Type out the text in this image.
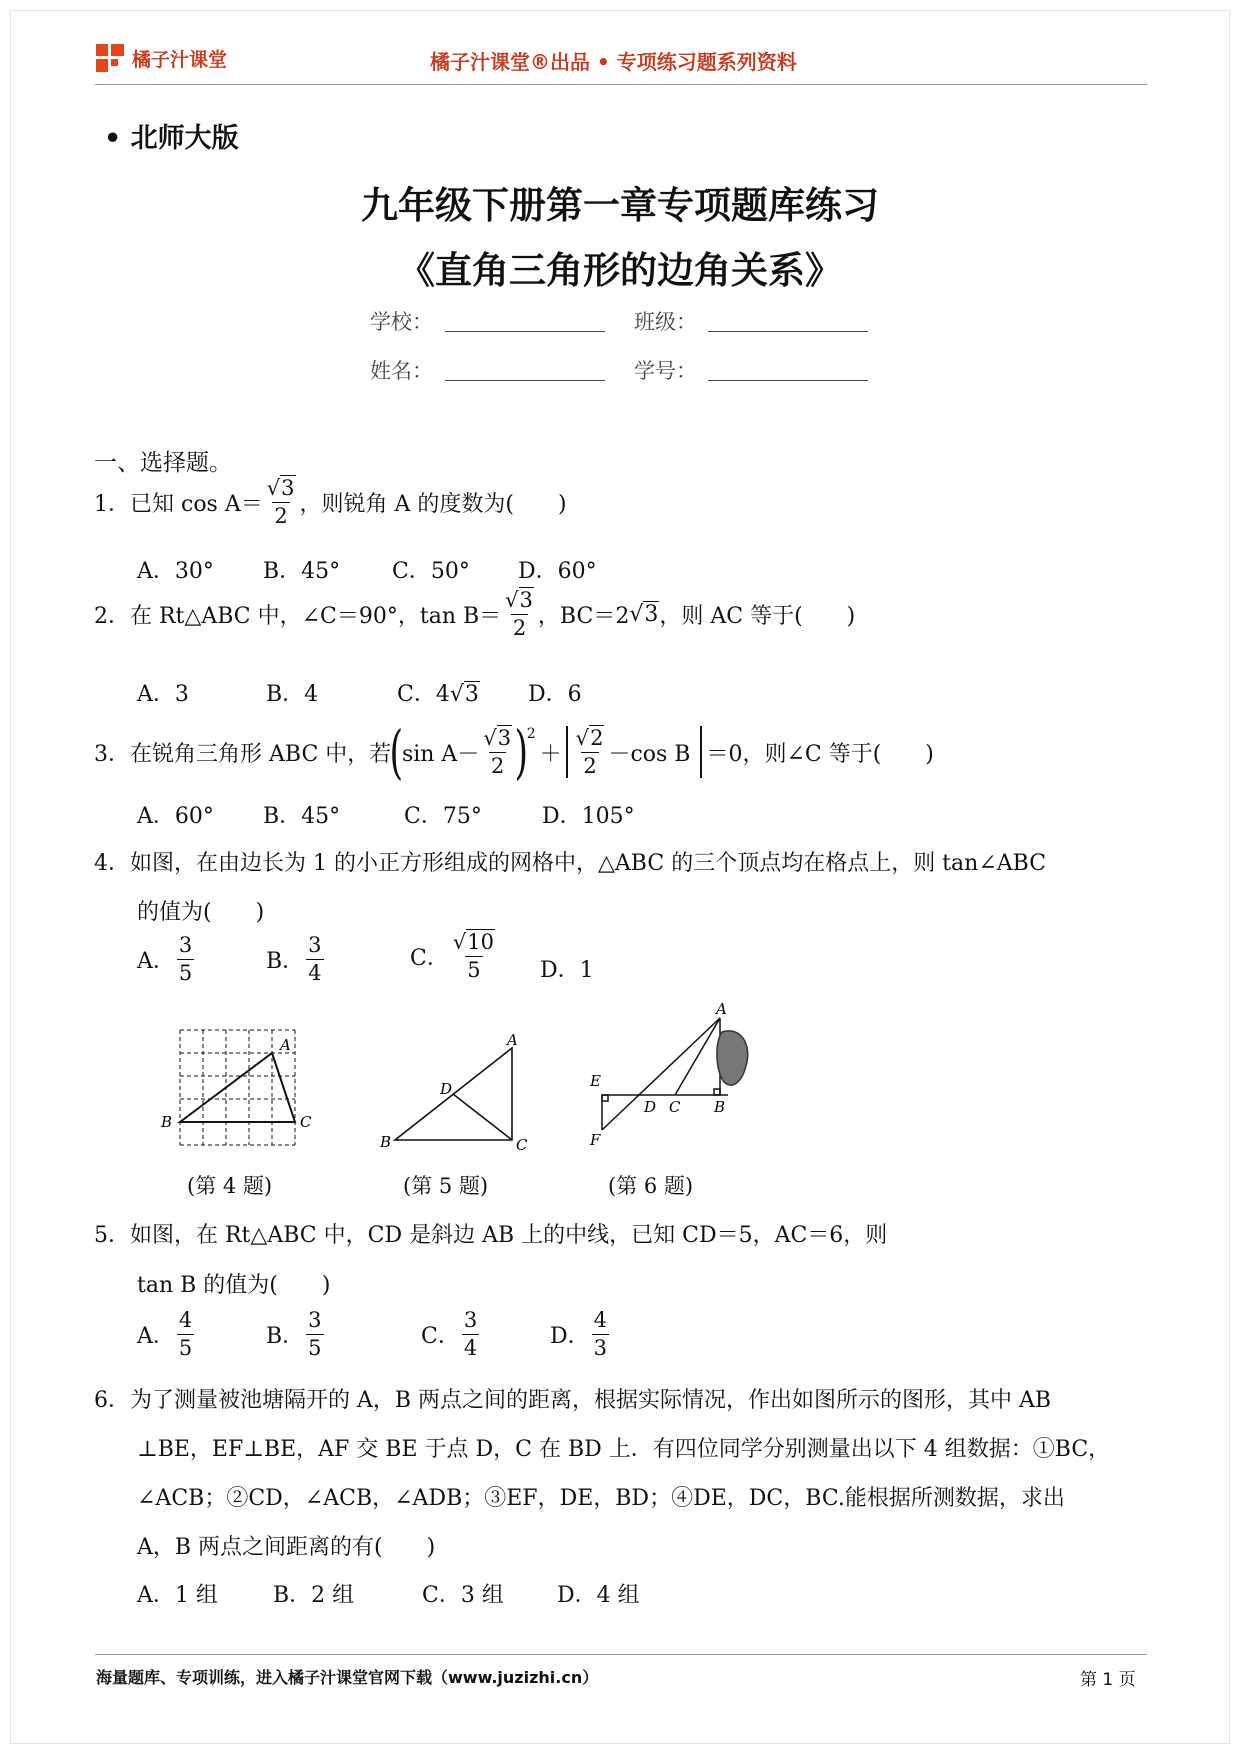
橘子汁课堂	橘子汁课堂®出品 • 专项练习题系列资料
• 北师大版
九年级下册第一章专项题库练习
《直角三角形的边角关系》
学校：	班级：
姓名：	学号：
一、选择题。
1． 已知 $\cos A= \frac{√3}{2}$ ，则锐角 A 的度数为(　　)
A．30° B．45° C．50° D．60°
2． 在 Rt△ABC 中，∠C＝90°，$\tan B= \frac{√3}{2}$ ，BC＝2 √3 ，则 AC 等于(　　)
A．3	B．4	C．4√3 D．6
3． 在锐角三角形 ABC 中，若
(
$\sin A- \frac{√3}{2}$ )
2
＋ $\frac{√2}{2} -\cos$ B ＝0，则∠C 等于(　　)
A．60° B．45°	C．75°	D．105°
4．如图，在由边长为 1 的小正方形组成的网格中，△ABC 的三个顶点均在格点上，则 tan∠ABC
的值为(　　)
A． $\frac{3}{5}$	B． $\frac{3}{4}$	C． $\frac{√10}{5}$ D．1
A
B	C
A
B	C
D
A
B
C
D
E
F
(第 4 题)	(第 5 题)	(第 6 题)
5．如图，在 Rt△ABC 中，CD 是斜边 AB 上的中线，已知 CD＝5，AC＝6，则
tan B 的值为(　　)
A． $\frac{4}{5}$	B． $\frac{3}{5}$	C． $\frac{3}{4}$	D． $\frac{4}{3}$
6．为了测量被池塘隔开的 A，B 两点之间的距离，根据实际情况，作出如图所示的图形，其中 AB
⊥BE，EF⊥BE，AF 交 BE 于点 D，C 在 BD 上．有四位同学分别测量出以下 4 组数据：①BC，
∠ACB；②CD，∠ACB，∠ADB；③EF，DE，BD；④DE，DC，BC.能根据所测数据，求出
A，B 两点之间距离的有(　　)
A．1 组	B．2 组	C．3 组 D．4 组
海量题库、专项训练，进入橘子汁课堂官网下载（www.juzizhi.cn）	第 1 页
